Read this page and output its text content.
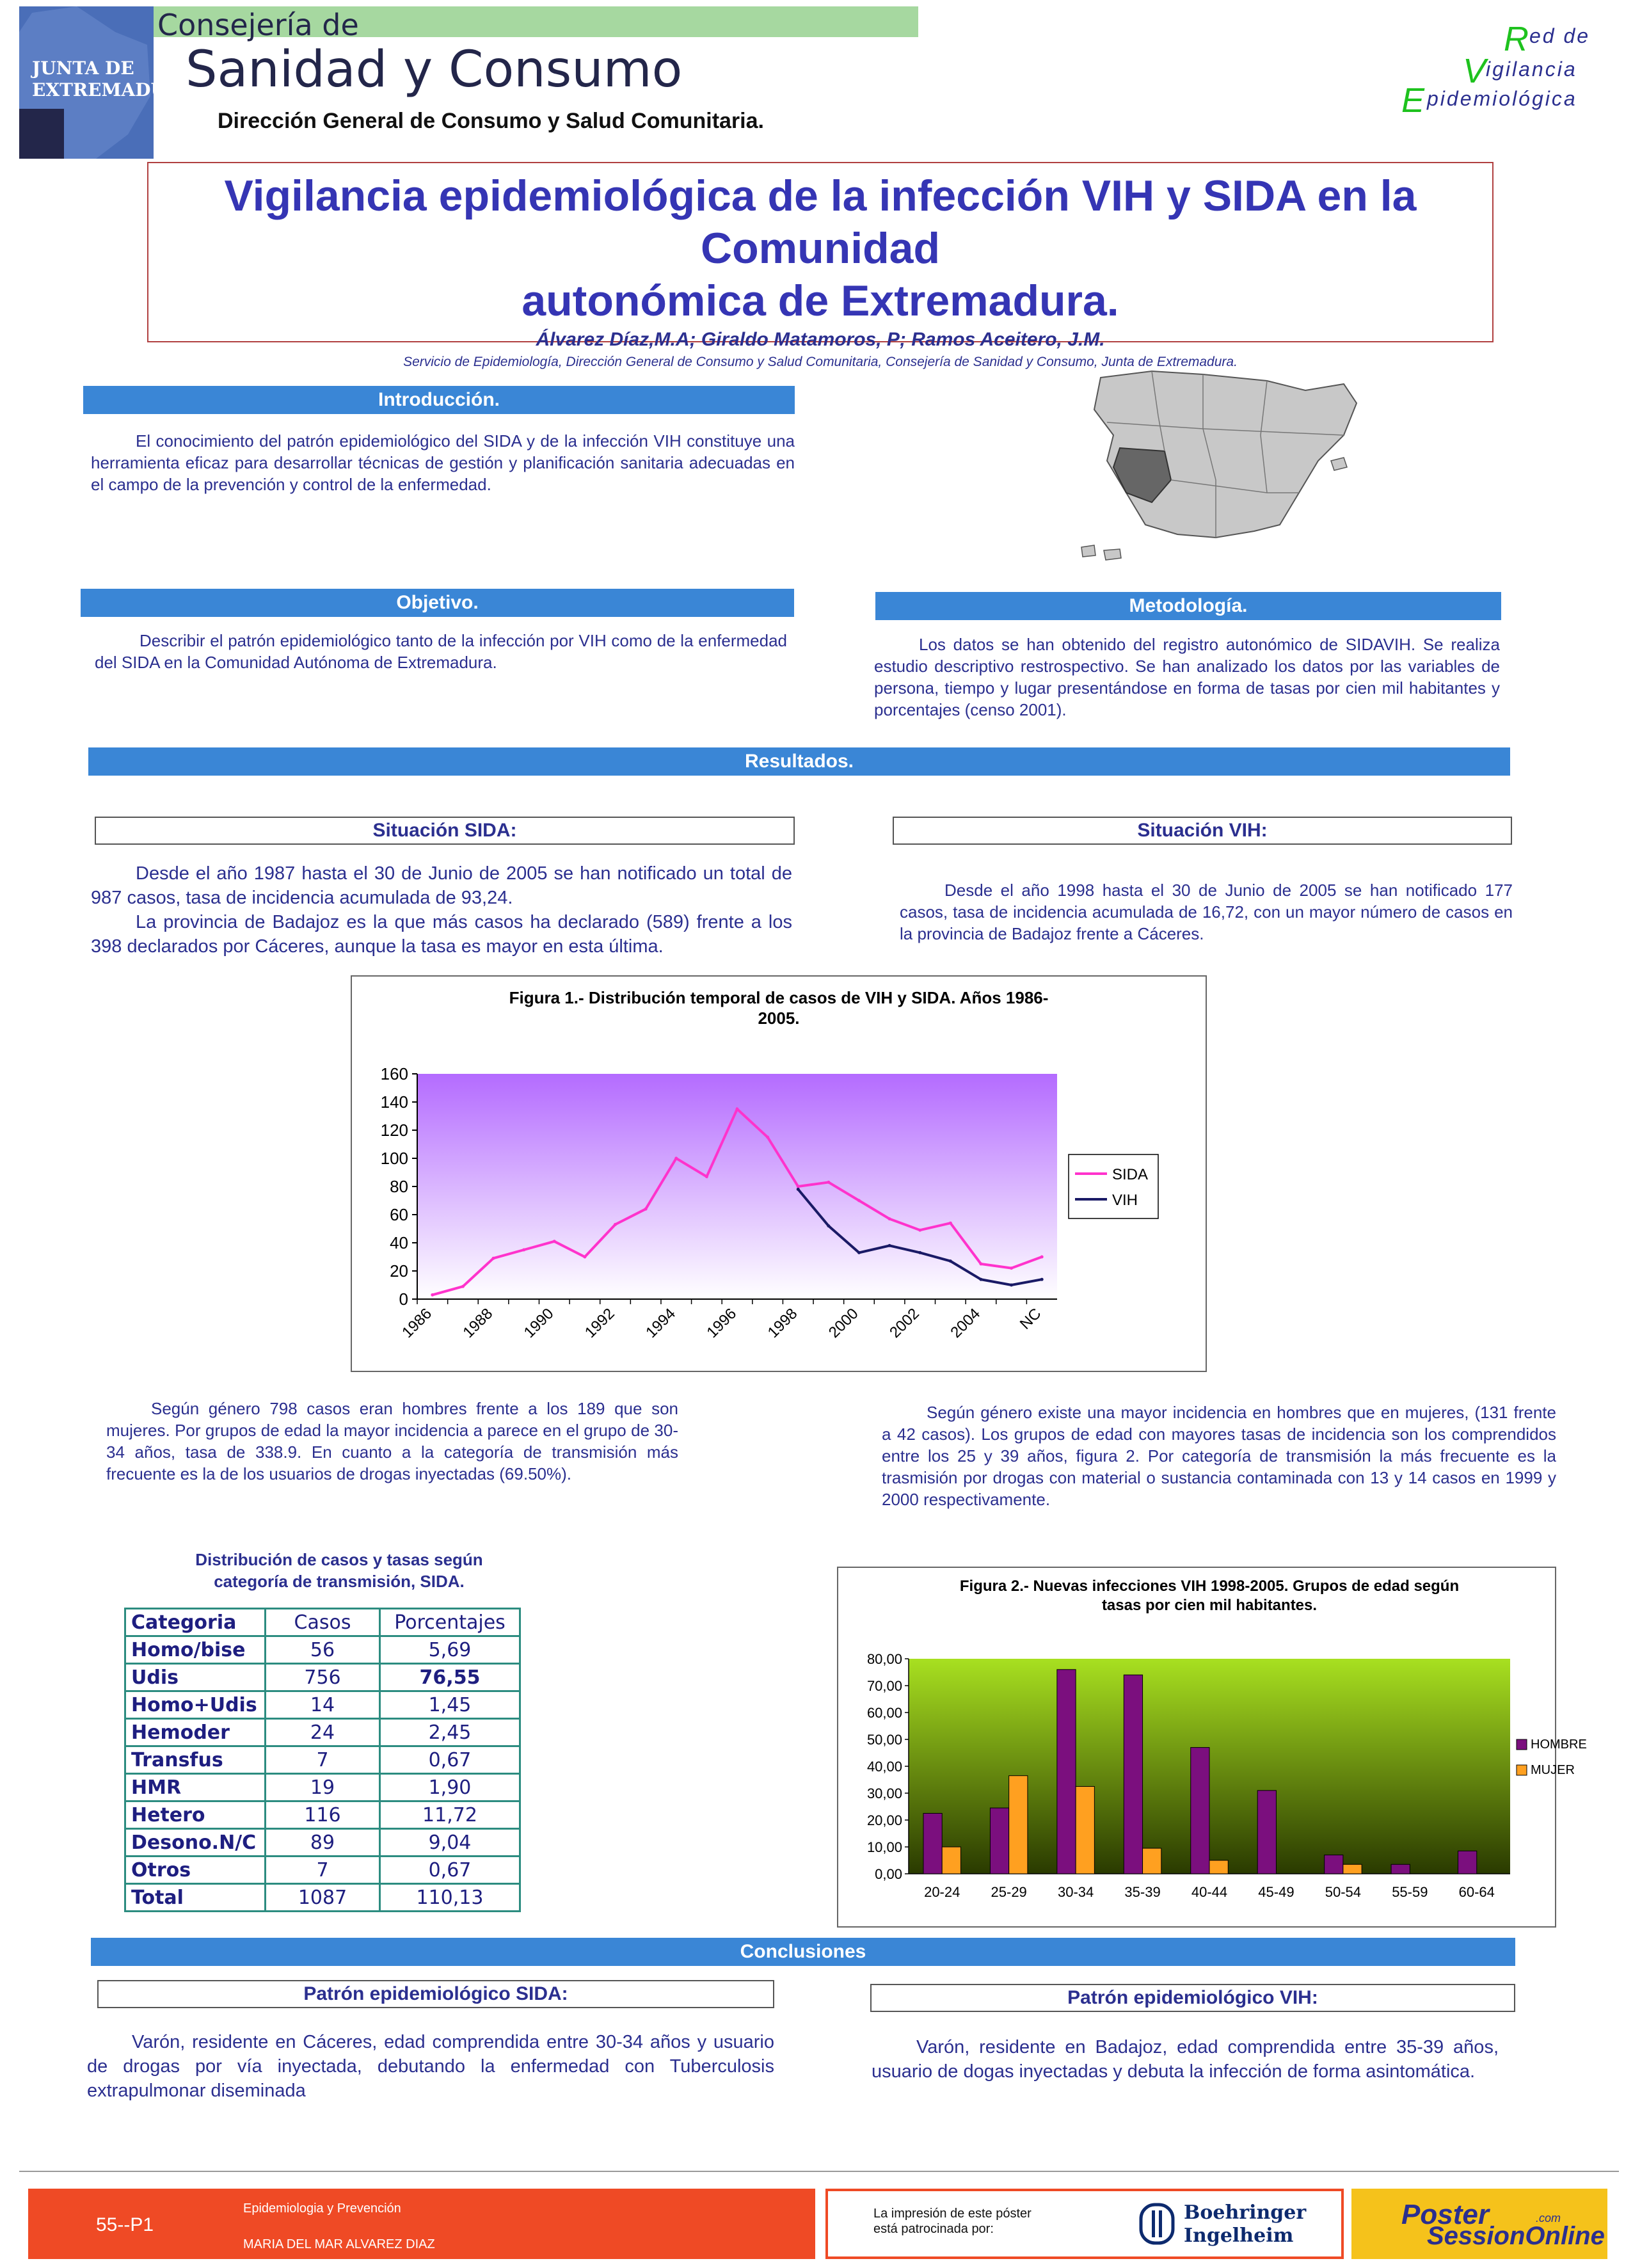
JUNTA DE EXTREMADURA
Consejería de
Sanidad y Consumo
Dirección General de Consumo y Salud Comunitaria.
R ed de
V igilancia
E pidemiológica
Vigilancia epidemiológica de la infección VIH y SIDA en la Comunidad
autonómica de Extremadura.
Álvarez Díaz,M.A; Giraldo Matamoros, P; Ramos Aceitero, J.M.
Servicio de Epidemiología, Dirección General de Consumo y Salud Comunitaria, Consejería de Sanidad y Consumo, Junta de Extremadura.
Introducción.

El conocimiento del patrón epidemiológico del SIDA y de la infección VIH constituye una herramienta eficaz para desarrollar técnicas de gestión y planificación sanitaria adecuadas en el campo de la prevención y control de la enfermedad.

Objetivo.

Describir el patrón epidemiológico tanto de la infección por VIH como de la enfermedad del SIDA en la Comunidad Autónoma de Extremadura.

Metodología.

Los datos se han obtenido del registro autonómico de SIDAVIH. Se realiza estudio descriptivo restrospectivo. Se han analizado los datos por las variables de persona, tiempo y lugar presentándose en forma de tasas por cien mil habitantes y porcentajes (censo 2001).

Resultados.
Situación SIDA:

Desde el año 1987 hasta el 30 de Junio de 2005 se han notificado un total de 987 casos, tasa de incidencia acumulada de 93,24.

La provincia de Badajoz es la que más casos ha declarado (589) frente a los 398 declarados por Cáceres, aunque la tasa es mayor en esta última.

Situación VIH:

Desde el año 1998 hasta el 30 de Junio de 2005 se han notificado 177 casos, tasa de incidencia acumulada de 16,72, con un mayor número de casos en la provincia de Badajoz frente a Cáceres.

Figura 1.- Distribución temporal de casos de VIH y SIDA. Años 1986-
2005.
0
20
40
60
80
100
120
140
160
1986 1988 1990 1992 1994 1996 1998 2000 2002 2004 NC
SIDA
VIH

Según género 798 casos eran hombres frente a los 189 que son mujeres. Por grupos de edad la mayor incidencia a parece en el grupo de 30-34 años, tasa de 338.9. En cuanto a la categoría de transmisión más frecuente es la de los usuarios de drogas inyectadas (69.50%).

Según género existe una mayor incidencia en hombres que en mujeres, (131 frente a 42 casos). Los grupos de edad con mayores tasas de incidencia son los comprendidos entre los 25 y 39 años, figura 2. Por categoría de transmisión la más frecuente es la trasmisión por drogas con material o sustancia contaminada con 13 y 14 casos en 1999 y 2000 respectivamente.

Distribución de casos y tasas según
categoría de transmisión, SIDA.
Categoria	Casos	Porcentajes
Homo/bise	56	5,69
Udis	756	76,55
Homo+Udis	14	1,45
Hemoder	24	2,45
Transfus	7	0,67
HMR	19	1,90
Hetero	116	11,72
Desono.N/C	89	9,04
Otros	7	0,67
Total	1087	110,13
Figura 2.- Nuevas infecciones VIH 1998-2005. Grupos de edad según
tasas por cien mil habitantes.
0,00
10,00
20,00
30,00
40,00
50,00
60,00
70,00
80,00
20-24 25-29 30-34 35-39 40-44 45-49 50-54 55-59 60-64
HOMBRE
MUJER
Conclusiones
Patrón epidemiológico SIDA:

Varón, residente en Cáceres, edad comprendida entre 30-34 años y usuario de drogas por vía inyectada, debutando la enfermedad con Tuberculosis extrapulmonar diseminada

Patrón epidemiológico VIH:

Varón, residente en Badajoz, edad comprendida entre 35-39 años, usuario de dogas inyectadas y debuta la infección de forma asintomática.

55--P1
Epidemiologia y Prevención
MARIA DEL MAR ALVAREZ DIAZ
La impresión de este póster
está patrocinada por:
Boehringer
Ingelheim
Poster
SessionOnline
.com
